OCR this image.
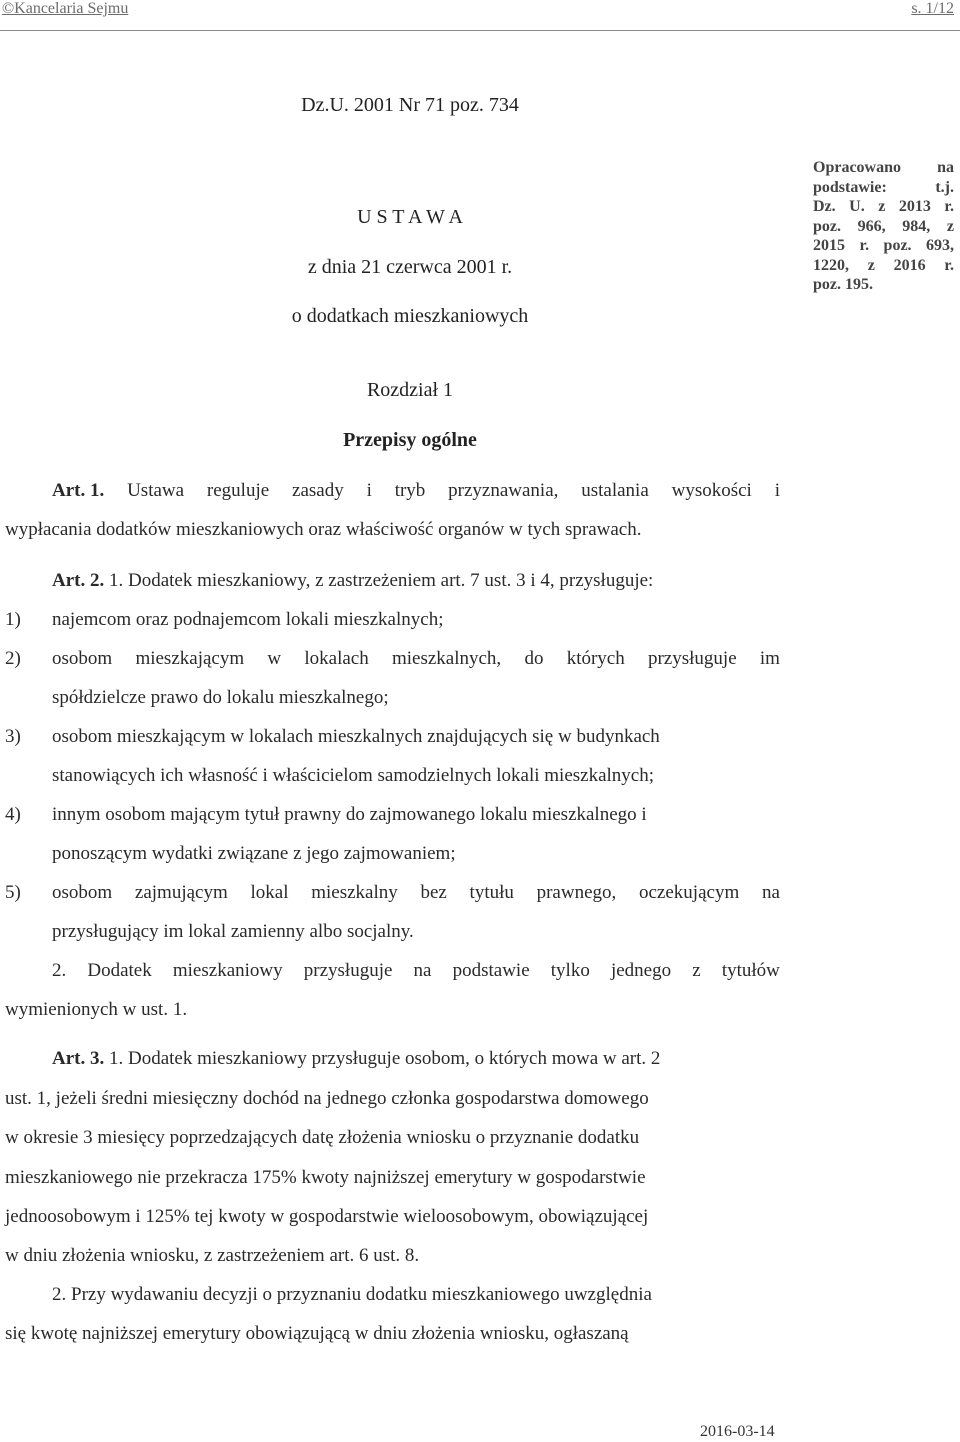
©Kancelaria Sejmu	s. 1/12
Dz.U. 2001 Nr 71 poz. 734
U S T A W A
z dnia 21 czerwca 2001 r.
o dodatkach mieszkaniowych
Opracowano na
podstawie:	t.j.
Dz. U. z 2013 r.
poz. 966, 984, z
2015 r. poz. 693,
1220, z 2016 r.
poz. 195.
Rozdział 1
Przepisy ogólne
Art. 1. Ustawa reguluje zasady i tryb przyznawania, ustalania wysokości i
wypłacania dodatków mieszkaniowych oraz właściwość organów w tych sprawach.
Art. 2. 1. Dodatek mieszkaniowy, z zastrzeżeniem art. 7 ust. 3 i 4, przysługuje:
1) najemcom oraz podnajemcom lokali mieszkalnych;
2) osobom mieszkającym w lokalach mieszkalnych, do których przysługuje im
spółdzielcze prawo do lokalu mieszkalnego;
3) osobom mieszkającym w lokalach mieszkalnych znajdujących się w budynkach
stanowiących ich własność i właścicielom samodzielnych lokali mieszkalnych;
4) innym osobom mającym tytuł prawny do zajmowanego lokalu mieszkalnego i
ponoszącym wydatki związane z jego zajmowaniem;
5) osobom zajmującym lokal mieszkalny bez tytułu prawnego, oczekującym na
przysługujący im lokal zamienny albo socjalny.
2. Dodatek mieszkaniowy przysługuje na podstawie tylko jednego z tytułów
wymienionych w ust. 1.
Art. 3. 1. Dodatek mieszkaniowy przysługuje osobom, o których mowa w art. 2
ust. 1, jeżeli średni miesięczny dochód na jednego członka gospodarstwa domowego
w okresie 3 miesięcy poprzedzających datę złożenia wniosku o przyznanie dodatku
mieszkaniowego nie przekracza 175% kwoty najniższej emerytury w gospodarstwie
jednoosobowym i 125% tej kwoty w gospodarstwie wieloosobowym, obowiązującej
w dniu złożenia wniosku, z zastrzeżeniem art. 6 ust. 8.
2. Przy wydawaniu decyzji o przyznaniu dodatku mieszkaniowego uwzględnia
się kwotę najniższej emerytury obowiązującą w dniu złożenia wniosku, ogłaszaną
2016-03-14
